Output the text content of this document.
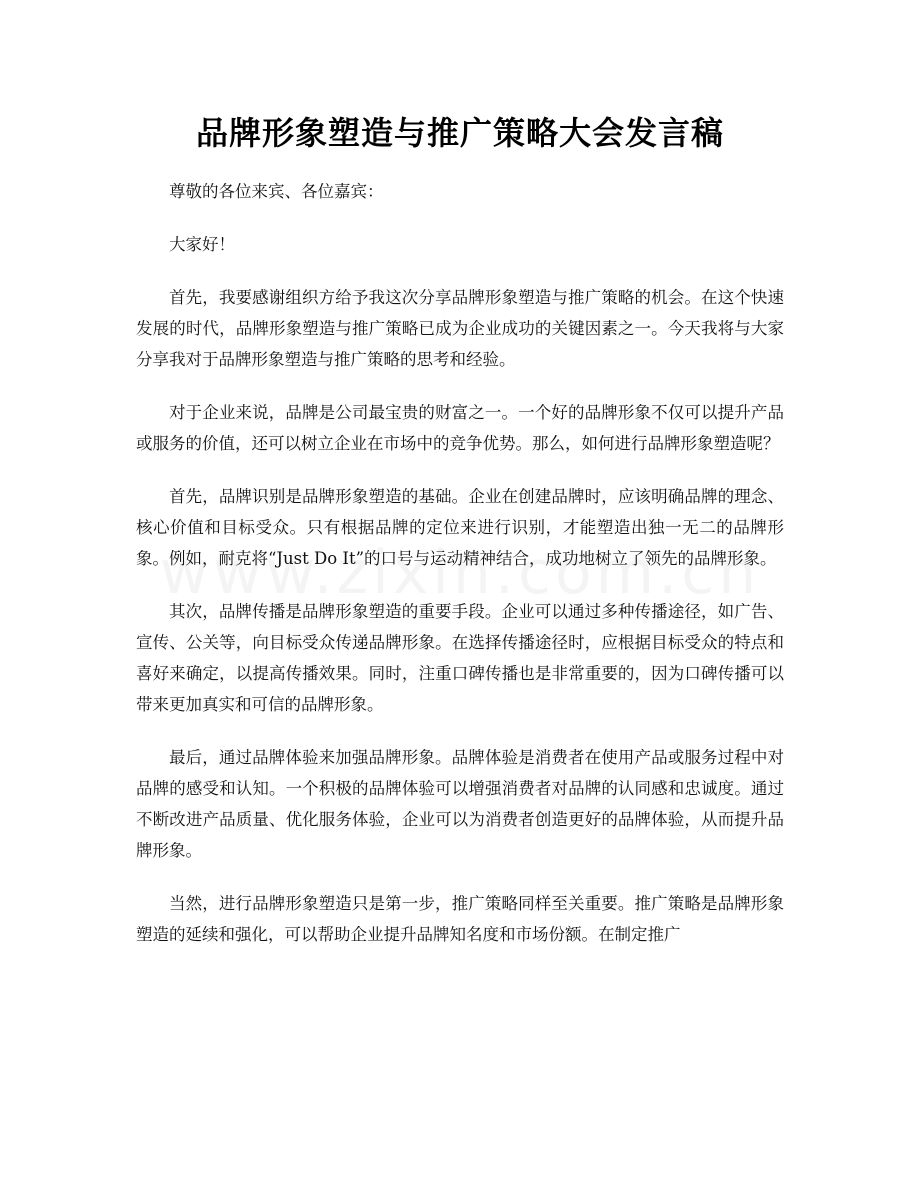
品牌形象塑造与推广策略大会发言稿

尊敬的各位来宾、各位嘉宾：

大家好！

首先，我要感谢组织方给予我这次分享品牌形象塑造与推广策略的机会。在这个快速发展的时代，品牌形象塑造与推广策略已成为企业成功的关键因素之一。今天我将与大家分享我对于品牌形象塑造与推广策略的思考和经验。

对于企业来说，品牌是公司最宝贵的财富之一。一个好的品牌形象不仅可以提升产品或服务的价值，还可以树立企业在市场中的竞争优势。那么，如何进行品牌形象塑造呢？

首先，品牌识别是品牌形象塑造的基础。企业在创建品牌时，应该明确品牌的理念、核心价值和目标受众。只有根据品牌的定位来进行识别，才能塑造出独一无二的品牌形象。例如，耐克将“Just Do It”的口号与运动精神结合，成功地树立了领先的品牌形象。

其次，品牌传播是品牌形象塑造的重要手段。企业可以通过多种传播途径，如广告、宣传、公关等，向目标受众传递品牌形象。在选择传播途径时，应根据目标受众的特点和喜好来确定，以提高传播效果。同时，注重口碑传播也是非常重要的，因为口碑传播可以带来更加真实和可信的品牌形象。

最后，通过品牌体验来加强品牌形象。品牌体验是消费者在使用产品或服务过程中对品牌的感受和认知。一个积极的品牌体验可以增强消费者对品牌的认同感和忠诚度。通过不断改进产品质量、优化服务体验，企业可以为消费者创造更好的品牌体验，从而提升品牌形象。

当然，进行品牌形象塑造只是第一步，推广策略同样至关重要。推广策略是品牌形象塑造的延续和强化，可以帮助企业提升品牌知名度和市场份额。在制定推广
